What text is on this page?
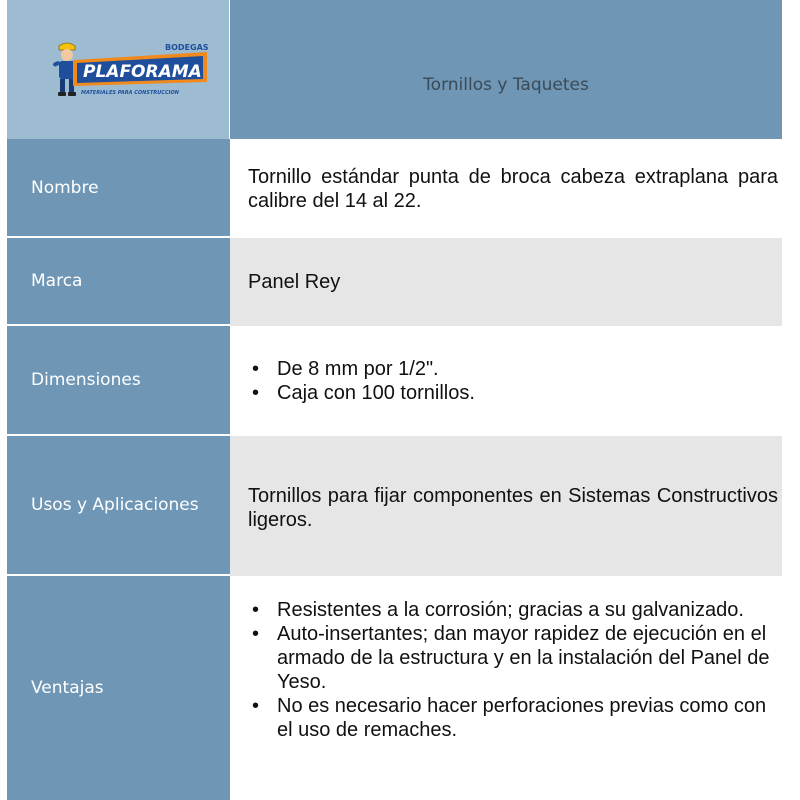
BODEGAS
PLAFORAMA
MATERIALES PARA CONSTRUCCION	Tornillos y Taquetes
Nombre	Tornillo estándar punta de broca cabeza extraplana para calibre del 14 al 22.
Marca	Panel Rey
Dimensiones
•	De 8 mm por 1/2".
• Caja con 100 tornillos.
Usos y Aplicaciones	Tornillos para fijar componentes en Sistemas Constructivos ligeros.
Ventajas
• Resistentes a la corrosión; gracias a su galvanizado.
• Auto-insertantes; dan mayor rapidez de ejecución en el armado de la estructura y en la instalación del Panel de Yeso.
• No es necesario hacer perforaciones previas como con el uso de remaches.
